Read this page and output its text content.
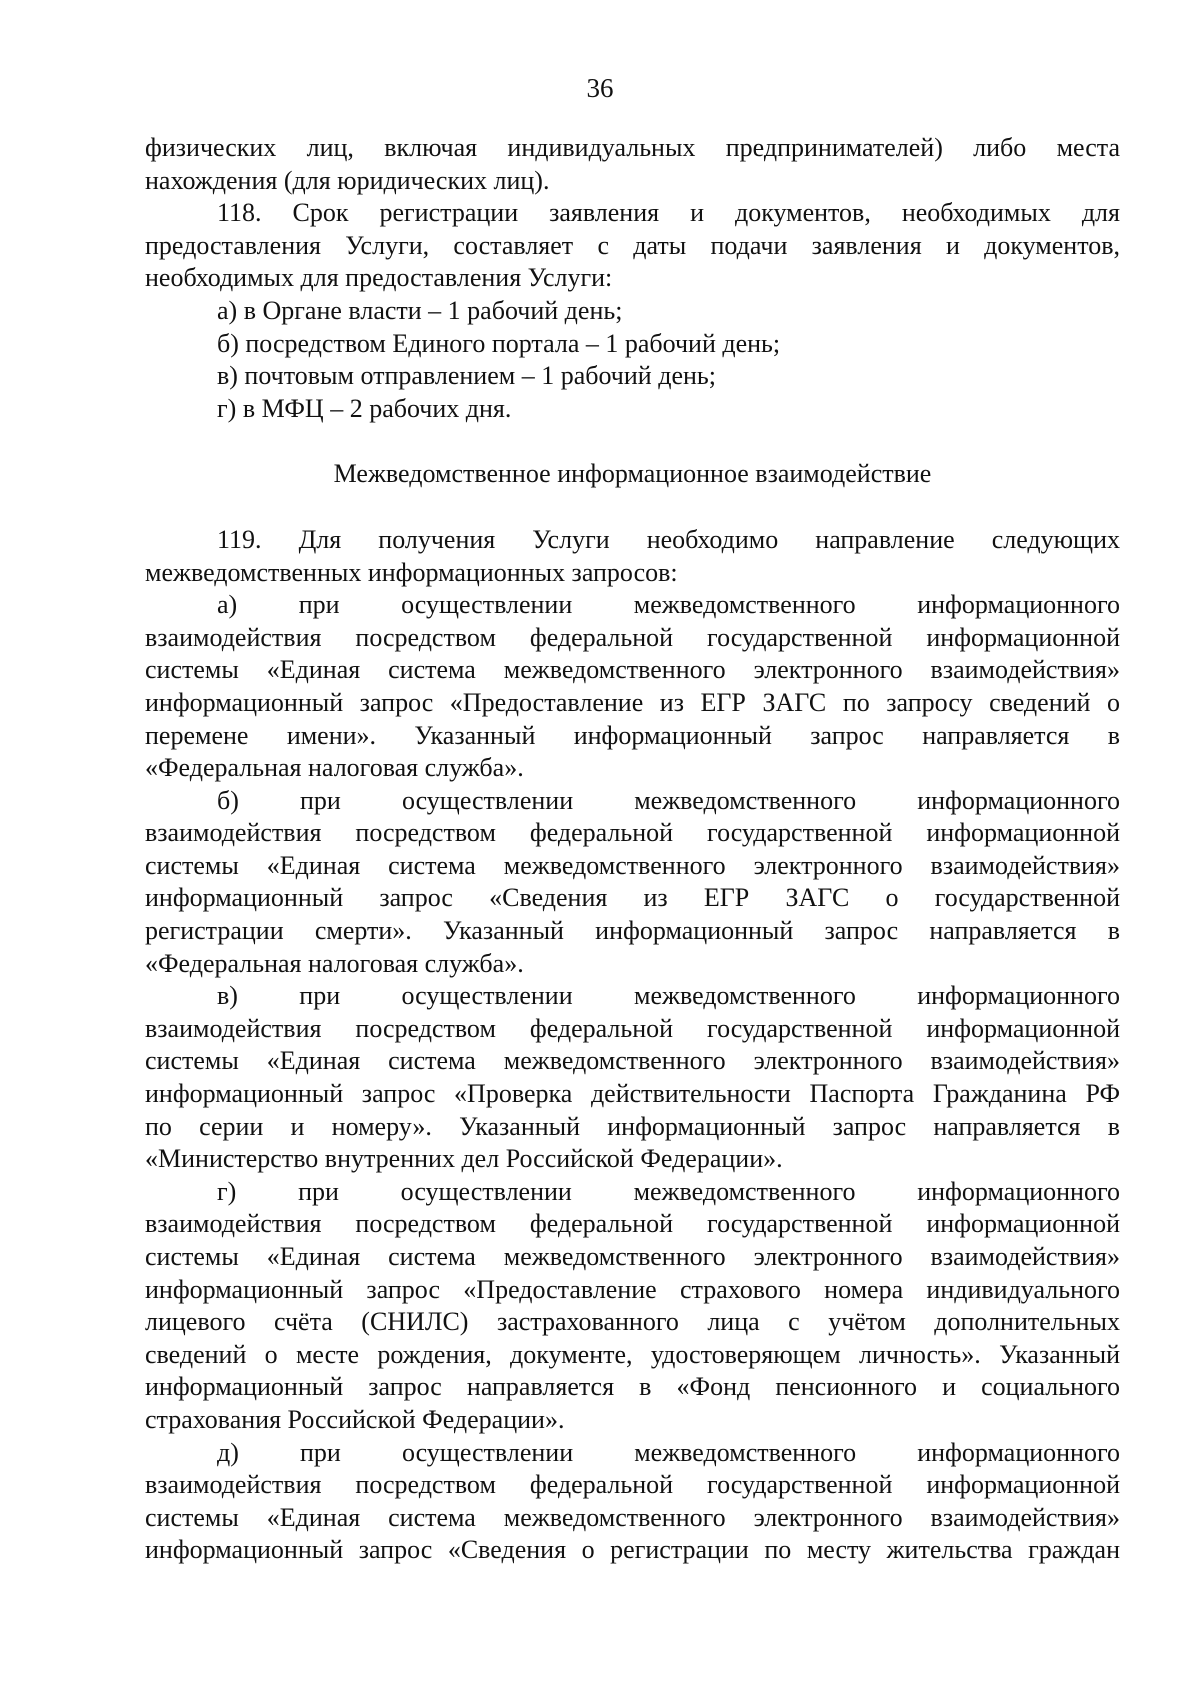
36
физических лиц, включая индивидуальных предпринимателей) либо места
нахождения (для юридических лиц).
118. Срок регистрации заявления и документов, необходимых для
предоставления Услуги, составляет с даты подачи заявления и документов,
необходимых для предоставления Услуги:
а) в Органе власти – 1 рабочий день;
б) посредством Единого портала – 1 рабочий день;
в) почтовым отправлением – 1 рабочий день;
г) в МФЦ – 2 рабочих дня.
Межведомственное информационное взаимодействие
119. Для получения Услуги необходимо направление следующих
межведомственных информационных запросов:
а) при осуществлении межведомственного информационного
взаимодействия посредством федеральной государственной информационной
системы «Единая система межведомственного электронного взаимодействия»
информационный запрос «Предоставление из ЕГР ЗАГС по запросу сведений о
перемене имени». Указанный информационный запрос направляется в
«Федеральная налоговая служба».
б) при осуществлении межведомственного информационного
взаимодействия посредством федеральной государственной информационной
системы «Единая система межведомственного электронного взаимодействия»
информационный запрос «Сведения из ЕГР ЗАГС о государственной
регистрации смерти». Указанный информационный запрос направляется в
«Федеральная налоговая служба».
в) при осуществлении межведомственного информационного
взаимодействия посредством федеральной государственной информационной
системы «Единая система межведомственного электронного взаимодействия»
информационный запрос «Проверка действительности Паспорта Гражданина РФ
по серии и номеру». Указанный информационный запрос направляется в
«Министерство внутренних дел Российской Федерации».
г) при осуществлении межведомственного информационного
взаимодействия посредством федеральной государственной информационной
системы «Единая система межведомственного электронного взаимодействия»
информационный запрос «Предоставление страхового номера индивидуального
лицевого счёта (СНИЛС) застрахованного лица с учётом дополнительных
сведений о месте рождения, документе, удостоверяющем личность». Указанный
информационный запрос направляется в «Фонд пенсионного и социального
страхования Российской Федерации».
д) при осуществлении межведомственного информационного
взаимодействия посредством федеральной государственной информационной
системы «Единая система межведомственного электронного взаимодействия»
информационный запрос «Сведения о регистрации по месту жительства граждан
